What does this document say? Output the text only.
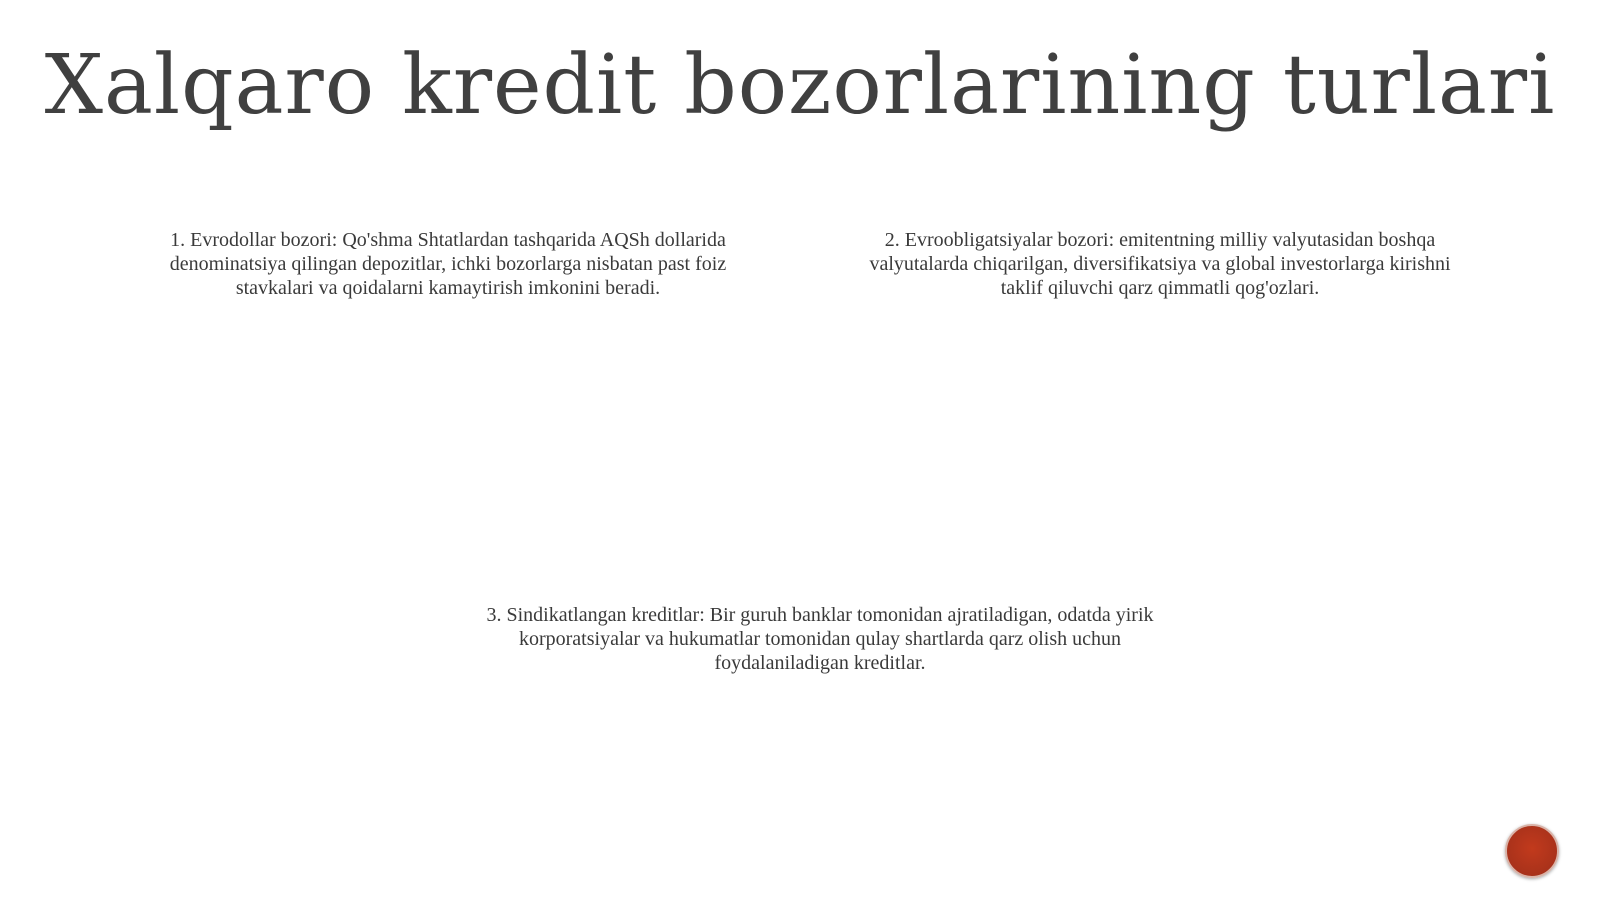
Xalqaro kredit bozorlarining turlari
1. Evrodollar bozori: Qo'shma Shtatlardan tashqarida AQSh dollarida denominatsiya qilingan depozitlar, ichki bozorlarga nisbatan past foiz stavkalari va qoidalarni kamaytirish imkonini beradi.
2. Evroobligatsiyalar bozori: emitentning milliy valyutasidan boshqa valyutalarda chiqarilgan, diversifikatsiya va global investorlarga kirishni taklif qiluvchi qarz qimmatli qog'ozlari.
3. Sindikatlangan kreditlar: Bir guruh banklar tomonidan ajratiladigan, odatda yirik korporatsiyalar va hukumatlar tomonidan qulay shartlarda qarz olish uchun foydalaniladigan kreditlar.
